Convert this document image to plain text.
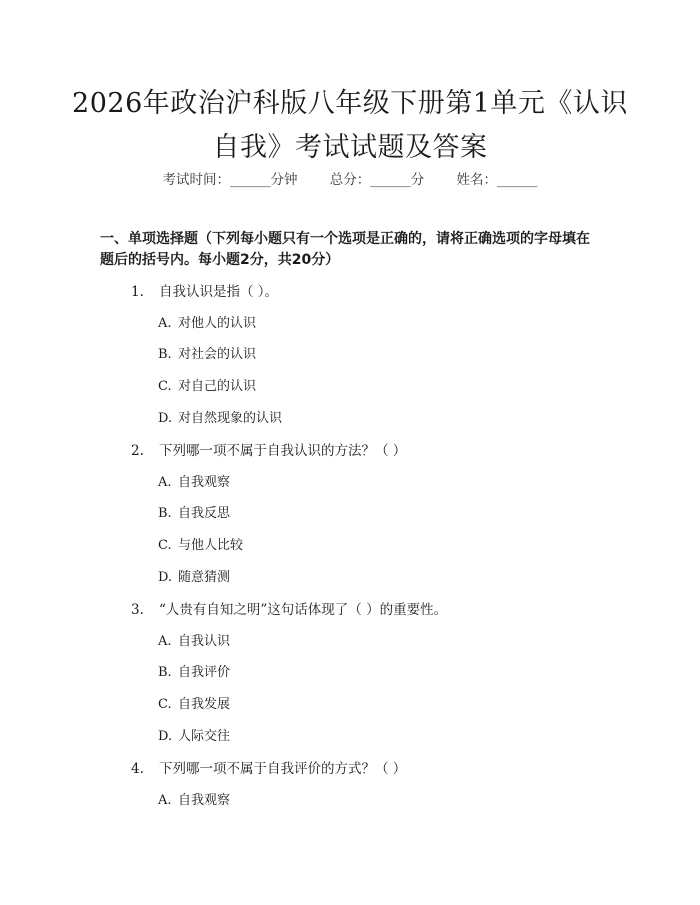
2026年政治沪科版八年级下册第1单元《认识自我》考试试题及答案
考试时间：______分钟 总分：______分 姓名：______
一、单项选择题（下列每小题只有一个选项是正确的，请将正确选项的字母填在题后的括号内。每小题2分，共20分）
1. 自我认识是指（ ）。
A. 对他人的认识
B. 对社会的认识
C. 对自己的认识
D. 对自然现象的认识
2. 下列哪一项不属于自我认识的方法？（ ）
A. 自我观察
B. 自我反思
C. 与他人比较
D. 随意猜测
3. “人贵有自知之明”这句话体现了（ ）的重要性。
A. 自我认识
B. 自我评价
C. 自我发展
D. 人际交往
4. 下列哪一项不属于自我评价的方式？（ ）
A. 自我观察
